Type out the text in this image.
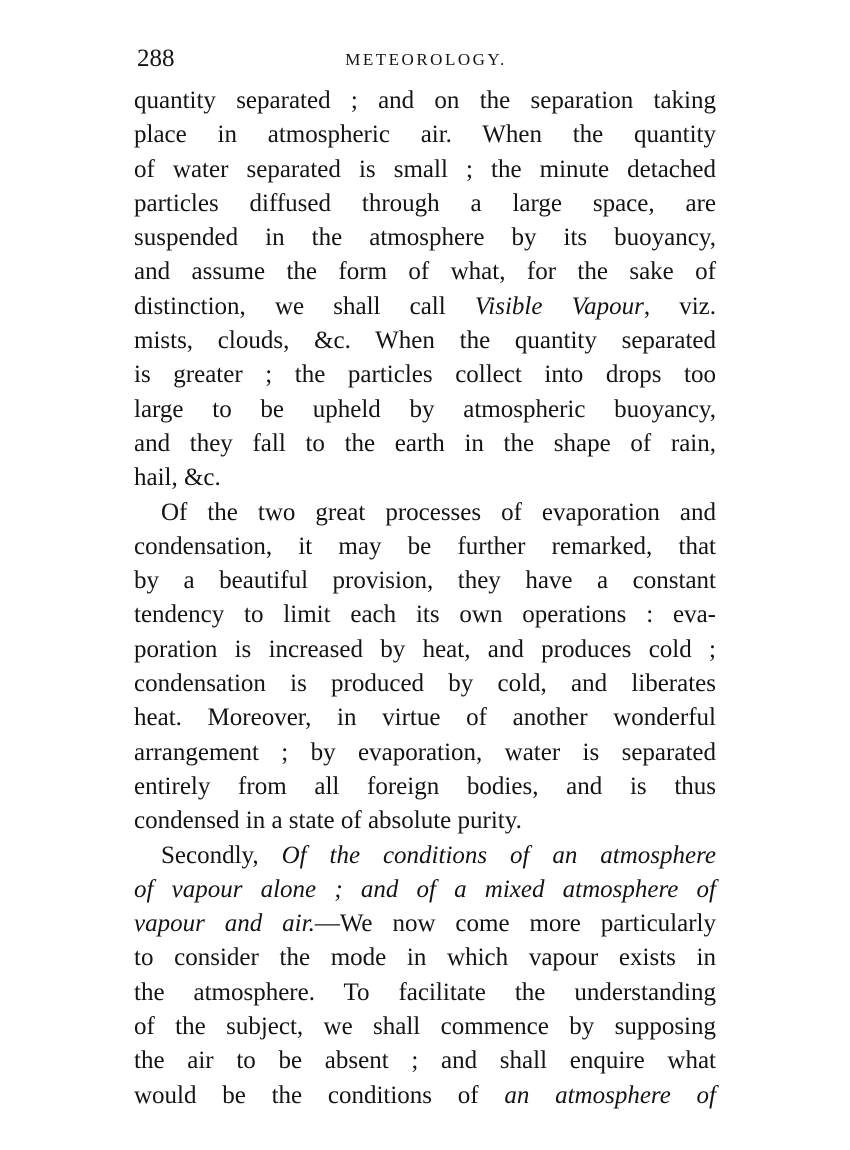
288	METEOROLOGY.
quantity separated ; and on the separation taking
place in atmospheric air. When the quantity
of water separated is small ; the minute detached
particles diffused through a large space, are
suspended in the atmosphere by its buoyancy,
and assume the form of what, for the sake of
distinction, we shall call Visible Vapour, viz.
mists, clouds, &c. When the quantity separated
is greater ; the particles collect into drops too
large to be upheld by atmospheric buoyancy,
and they fall to the earth in the shape of rain,
hail, &c.
Of the two great processes of evaporation and
condensation, it may be further remarked, that
by a beautiful provision, they have a constant
tendency to limit each its own operations : eva-
poration is increased by heat, and produces cold ;
condensation is produced by cold, and liberates
heat. Moreover, in virtue of another wonderful
arrangement ; by evaporation, water is separated
entirely from all foreign bodies, and is thus
condensed in a state of absolute purity.
Secondly, Of the conditions of an atmosphere
of vapour alone ; and of a mixed atmosphere of
vapour and air.—We now come more particularly
to consider the mode in which vapour exists in
the atmosphere. To facilitate the understanding
of the subject, we shall commence by supposing
the air to be absent ; and shall enquire what
would be the conditions of an atmosphere of
